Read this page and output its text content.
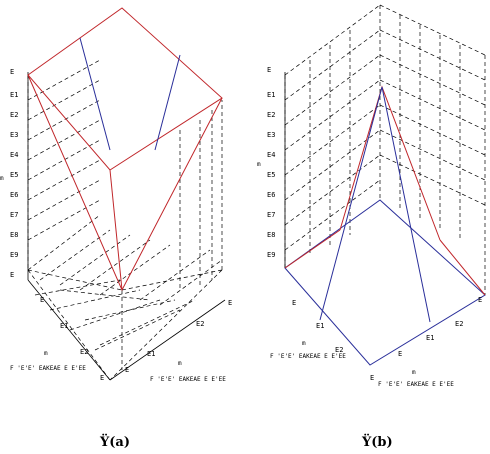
E
E1
E2
E3
E4
E5
E6
E7
E8
E9
E
m
E
E1
E2
E
E
E1
E2
E
m
F 'E'E' EAKEAE E E'EE
m
F 'E'E' EAKEAE E E'EE
Ÿ(a)
E
E1
E2
E3
E4
E5
E6
E7
E8
E9
m
E
E1
E2
E
E
E1
E2
E
m
F 'E'E' EAKEAE E E'EE
m
F 'E'E' EAKEAE E E'EE
Ÿ(b)
